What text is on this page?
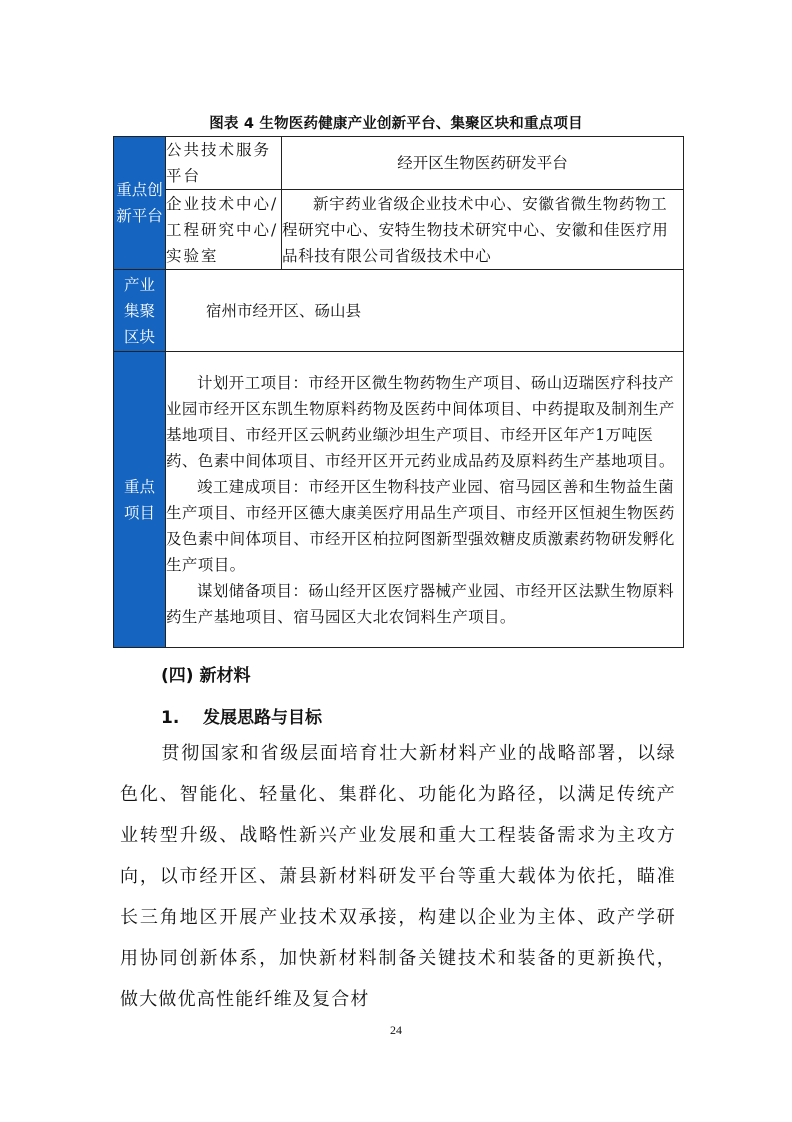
图表 4 生物医药健康产业创新平台、集聚区块和重点项目
重点创新平台	公共技术服务平台	经开区生物医药研发平台
	企业技术中心/工程研究中心/实验室	新宇药业省级企业技术中心、安徽省微生物药物工程研究中心、安特生物技术研究中心、安徽和佳医疗用品科技有限公司省级技术中心

产业集聚区块	宿州市经开区、砀山县	

重点项目	计划开工项目：市经开区微生物药物生产项目、砀山迈瑞医疗科技产业园市经开区东凯生物原料药物及医药中间体项目、中药提取及制剂生产基地项目、市经开区云帆药业缬沙坦生产项目、市经开区年产1万吨医药、色素中间体项目、市经开区开元药业成品药及原料药生产基地项目。

竣工建成项目：市经开区生物科技产业园、宿马园区善和生物益生菌生产项目、市经开区德大康美医疗用品生产项目、市经开区恒昶生物医药及色素中间体项目、市经开区柏拉阿图新型强效糖皮质激素药物研发孵化生产项目。

谋划储备项目：砀山经开区医疗器械产业园、市经开区法默生物原料药生产基地项目、宿马园区大北农饲料生产项目。	

(四) 新材料
1. 发展思路与目标

贯彻国家和省级层面培育壮大新材料产业的战略部署，以绿色化、智能化、轻量化、集群化、功能化为路径，以满足传统产业转型升级、战略性新兴产业发展和重大工程装备需求为主攻方向，以市经开区、萧县新材料研发平台等重大载体为依托，瞄准长三角地区开展产业技术双承接，构建以企业为主体、政产学研用协同创新体系，加快新材料制备关键技术和装备的更新换代，做大做优高性能纤维及复合材

24
